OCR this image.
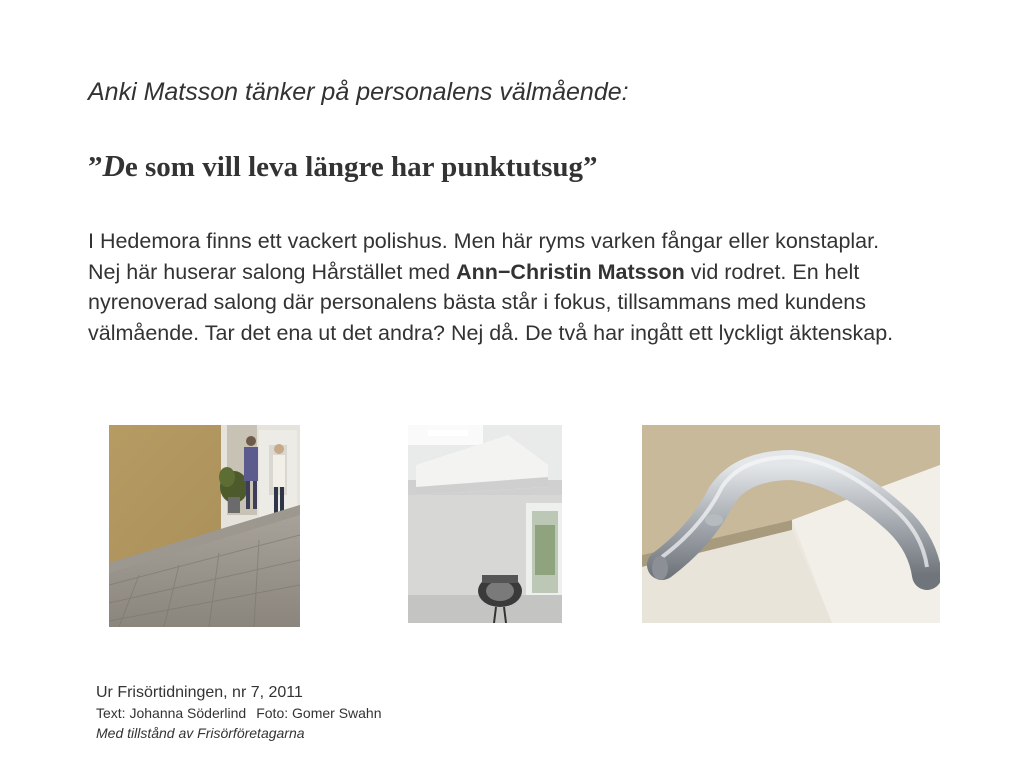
Anki Matsson tänker på personalens välmående:
”De som vill leva längre har punktutsug”
I Hedemora finns ett vackert polishus. Men här ryms varken fångar eller konstaplar. Nej här huserar salong Hårstället med Ann−Christin Matsson vid rodret. En helt nyrenoverad salong där personalens bästa står i fokus, tillsammans med kundens välmående. Tar det ena ut det andra? Nej då. De två har ingått ett lyckligt äktenskap.
Ur Frisörtidningen, nr 7, 2011
Text: Johanna Söderlind Foto: Gomer Swahn
Med tillstånd av Frisörföretagarna
